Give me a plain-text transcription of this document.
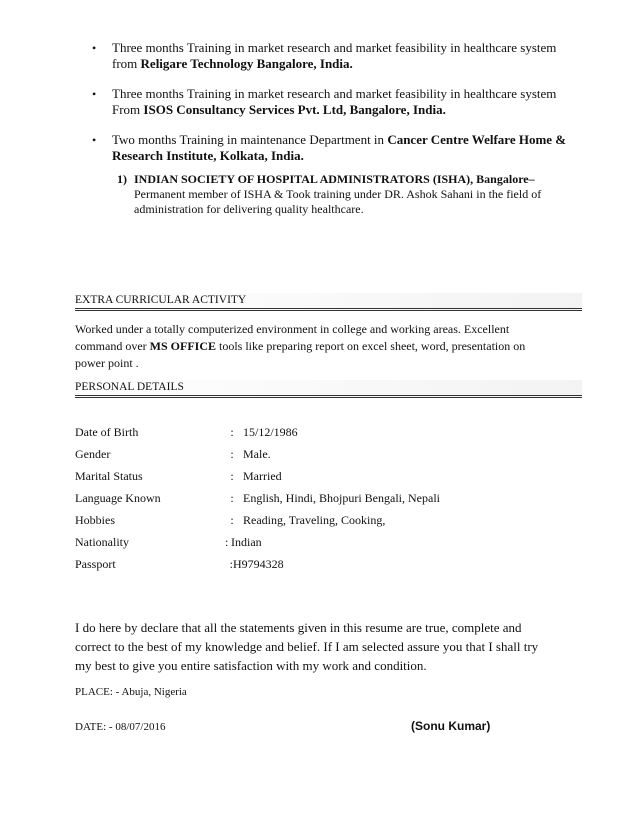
•	Three months Training in market research and market feasibility in healthcare system from Religare Technology Bangalore, India.
•	Three months Training in market research and market feasibility in healthcare system From ISOS Consultancy Services Pvt. Ltd, Bangalore, India.
•	Two months Training in maintenance Department in Cancer Centre Welfare Home & Research Institute, Kolkata, India.
1) INDIAN SOCIETY OF HOSPITAL ADMINISTRATORS (ISHA), Bangalore–
Permanent member of ISHA & Took training under DR. Ashok Sahani in the field of administration for delivering quality healthcare.
EXTRA CURRICULAR ACTIVITY
Worked under a totally computerized environment in college and working areas. Excellent command over MS OFFICE tools like preparing report on excel sheet, word, presentation on power point .
PERSONAL DETAILS
Date of Birth	: 15/12/1986
Gender	: Male.
Marital Status	: Married
Language Known	: English, Hindi, Bhojpuri Bengali, Nepali
Hobbies	: Reading, Traveling, Cooking,
Nationality	: Indian
Passport	: H9794328
I do here by declare that all the statements given in this resume are true, complete and correct to the best of my knowledge and belief. If I am selected assure you that I shall try my best to give you entire satisfaction with my work and condition.
PLACE: - Abuja, Nigeria
DATE: - 08/07/2016	(Sonu Kumar)
